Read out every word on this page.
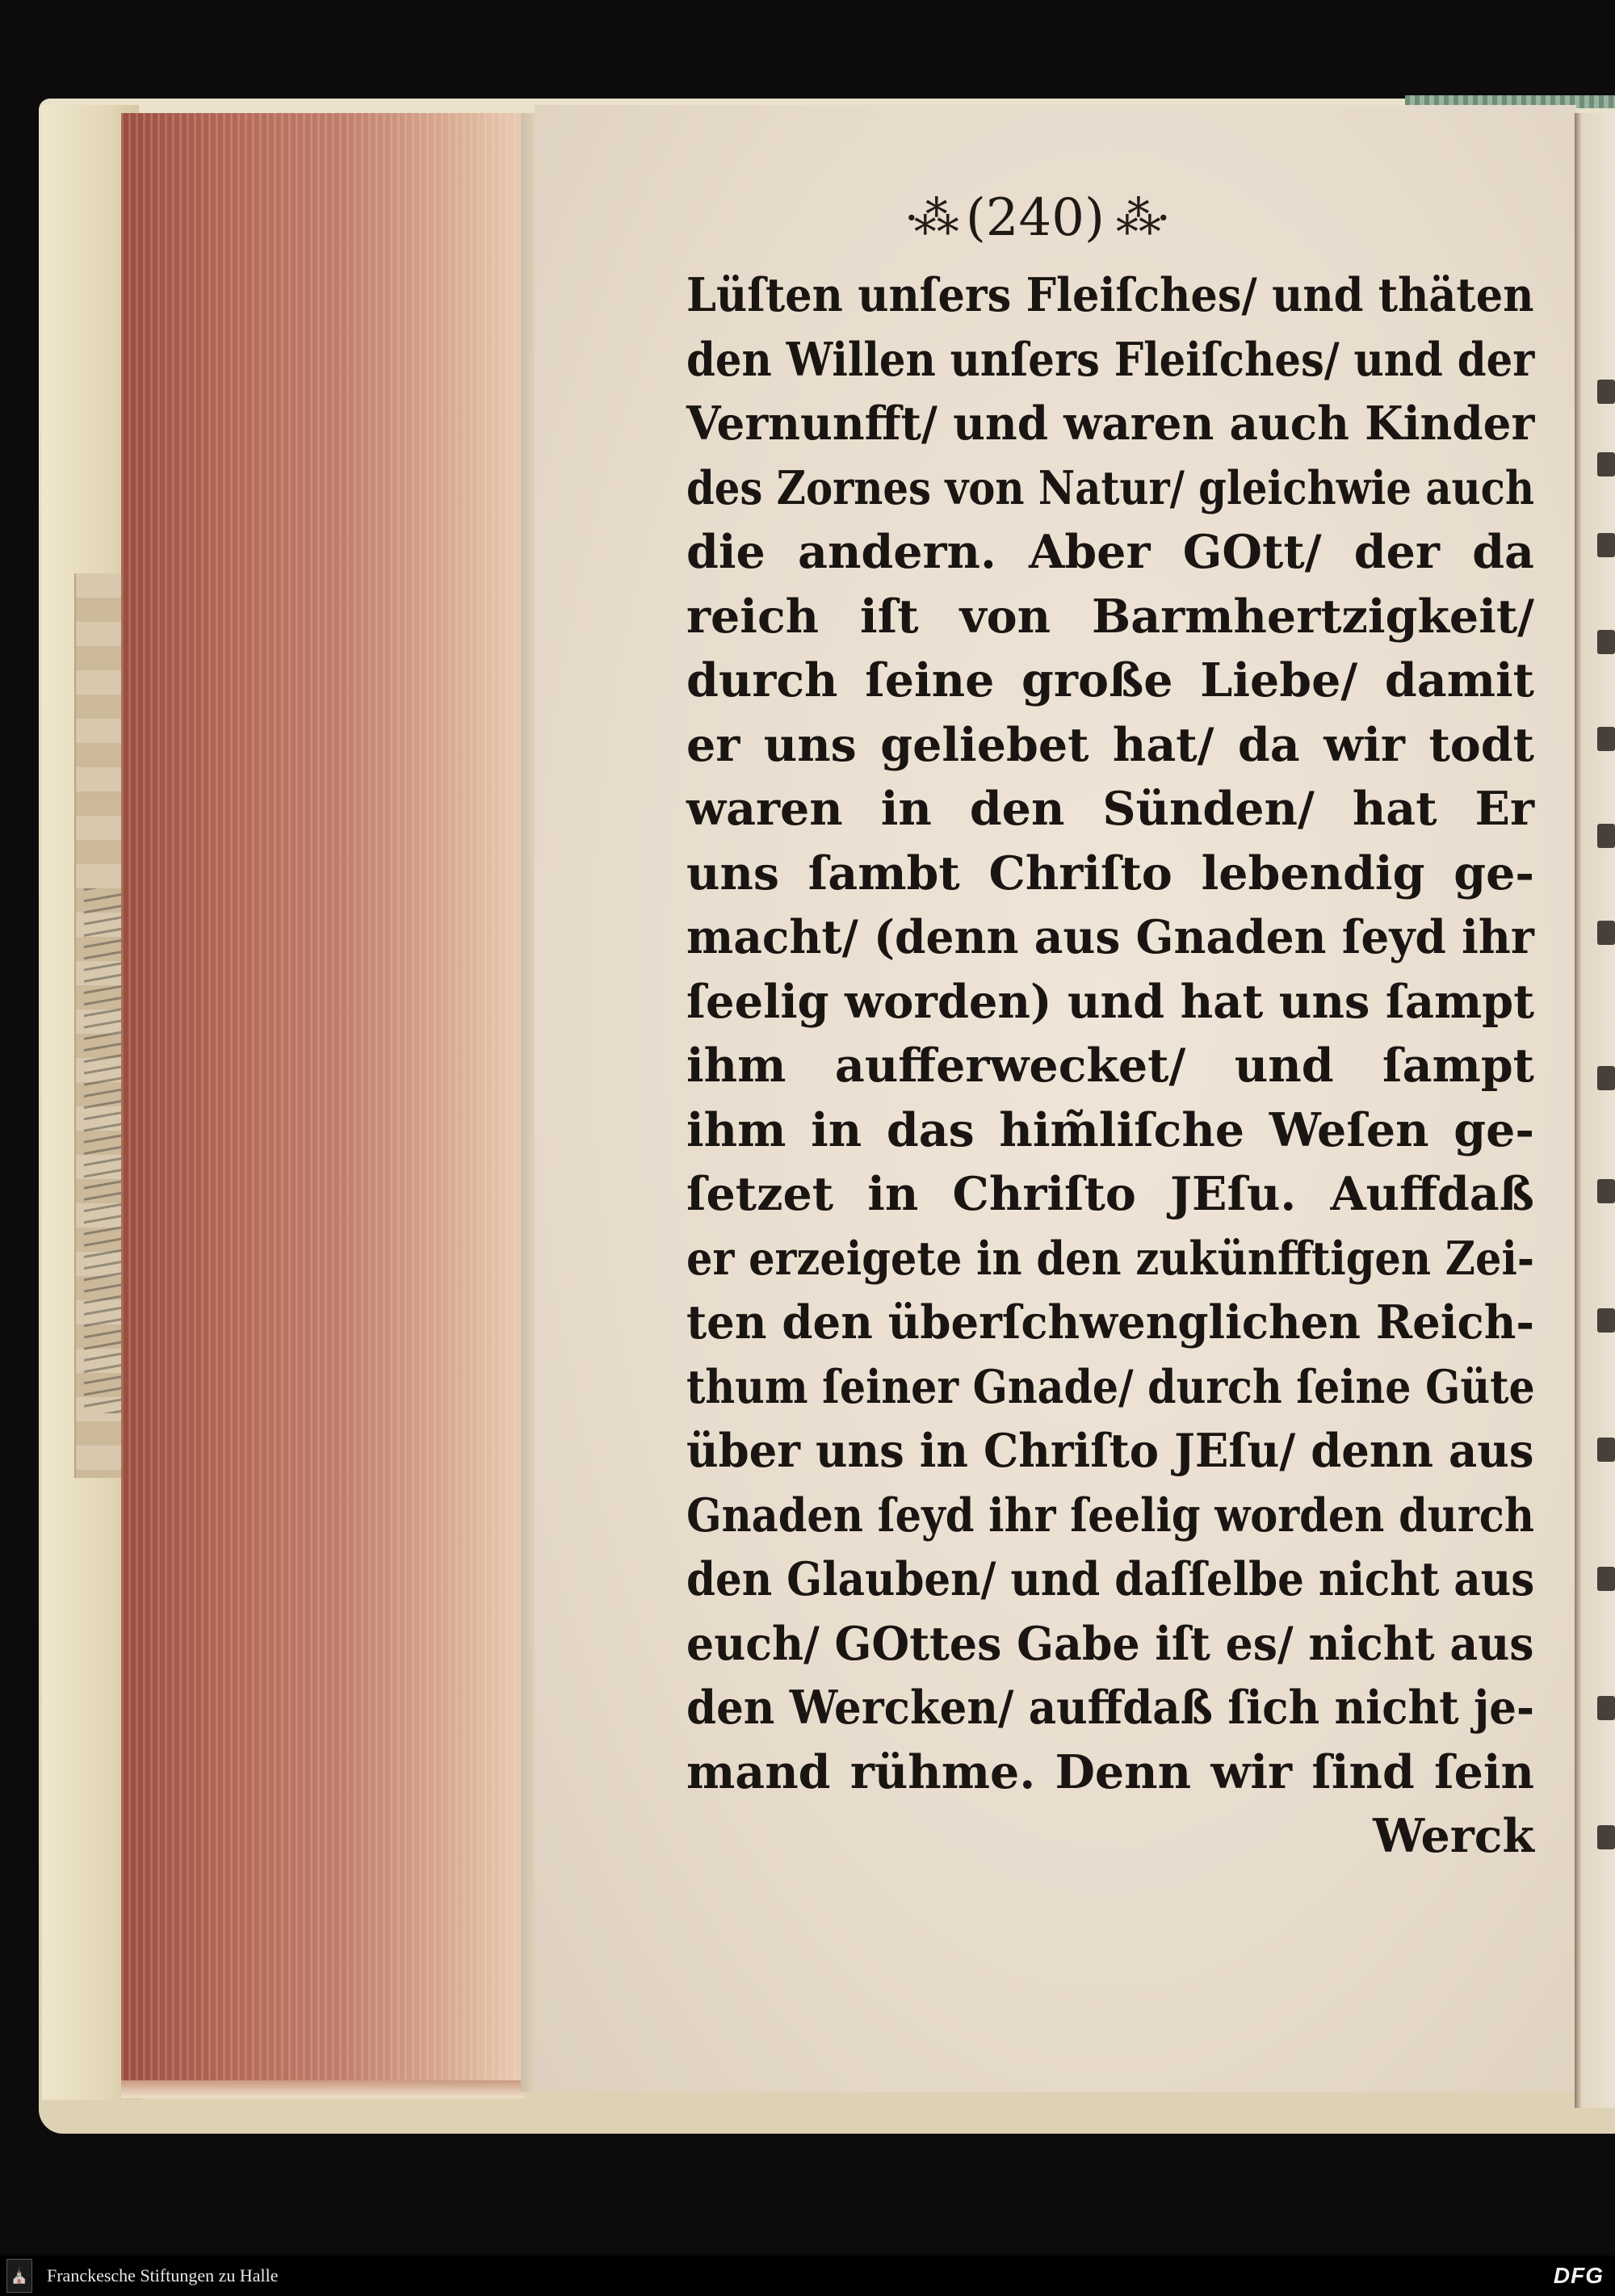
·⁂ (240) ⁂·
Lüſten unſers Fleiſches/ und thäten
den Willen unſers Fleiſches/ und der
Vernunfft/ und waren auch Kinder
des Zornes von Natur/ gleichwie auch
die andern. Aber GOtt/ der da
reich iſt von Barmhertzigkeit/
durch ſeine große Liebe/ damit
er uns geliebet hat/ da wir todt
waren in den Sünden/ hat Er
uns ſambt Chriſto lebendig ge-
macht/ (denn aus Gnaden ſeyd ihr
ſeelig worden) und hat uns ſampt
ihm aufferwecket/ und ſampt
ihm in das him̃liſche Weſen ge-
ſetzet in Chriſto JEſu. Auffdaß
er erzeigete in den zukünfftigen Zei-
ten den überſchwenglichen Reich-
thum ſeiner Gnade/ durch ſeine Güte
über uns in Chriſto JEſu/ denn aus
Gnaden ſeyd ihr ſeelig worden durch
den Glauben/ und daſſelbe nicht aus
euch/ GOttes Gabe iſt es/ nicht aus
den Wercken/ auffdaß ſich nicht je-
mand rühme. Denn wir ſind ſein
Werck
⛪ Franckesche Stiftungen zu Halle	DFG
